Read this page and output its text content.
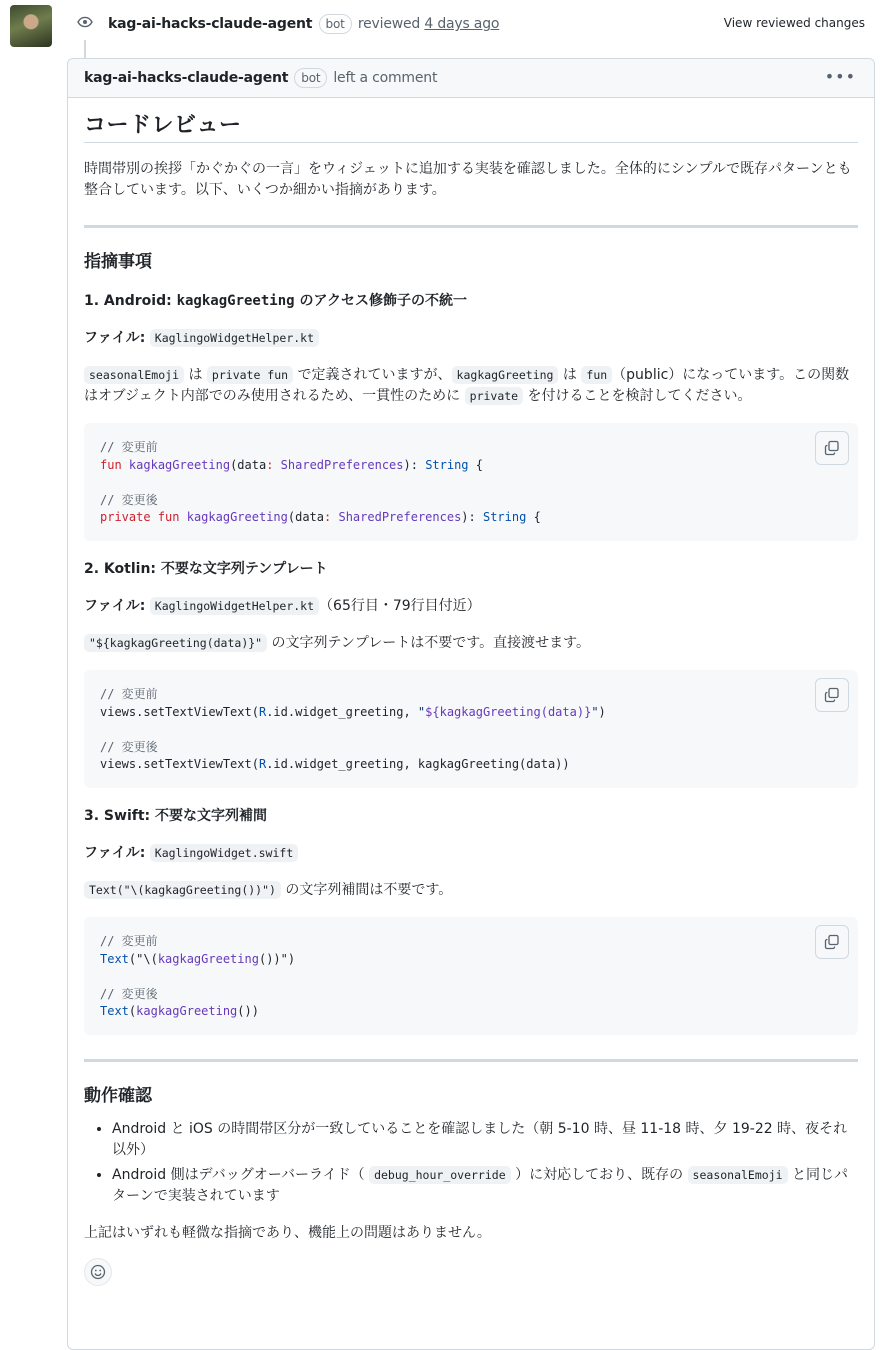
kag-ai-hacks-claude-agent bot reviewed 4 days ago	View reviewed changes
kag-ai-hacks-claude-agent	bot left a comment	•••
コードレビュー

時間帯別の挨拶「かぐかぐの一言」をウィジェットに追加する実装を確認しました。全体的にシンプルで既存パターンとも整合しています。以下、いくつか細かい指摘があります。

指摘事項
1. Android: kagkagGreeting のアクセス修飾子の不統一

ファイル: KaglingoWidgetHelper.kt

seasonalEmoji は private fun で定義されていますが、 kagkagGreeting は fun （public）になっています。この関数はオブジェクト内部でのみ使用されるため、一貫性のために private を付けることを検討してください。

// 変更前
fun kagkagGreeting(data: SharedPreferences): String {

// 変更後
private fun kagkagGreeting(data: SharedPreferences): String {
2. Kotlin: 不要な文字列テンプレート

ファイル: KaglingoWidgetHelper.kt （65行目・79行目付近）

"${kagkagGreeting(data)}" の文字列テンプレートは不要です。直接渡せます。

// 変更前
views.setTextViewText(R.id.widget_greeting, "${kagkagGreeting(data)}")

// 変更後
views.setTextViewText(R.id.widget_greeting, kagkagGreeting(data))
3. Swift: 不要な文字列補間

ファイル: KaglingoWidget.swift

Text("\(kagkagGreeting())") の文字列補間は不要です。

// 変更前
Text("\(kagkagGreeting())")

// 変更後
Text(kagkagGreeting())
動作確認
• Android と iOS の時間帯区分が一致していることを確認しました（朝 5-10 時、昼 11-18 時、夕 19-22 時、夜それ以外）
• Android 側はデバッグオーバーライド（ debug_hour_override ）に対応しており、既存の seasonalEmoji と同じパターンで実装されています

上記はいずれも軽微な指摘であり、機能上の問題はありません。
